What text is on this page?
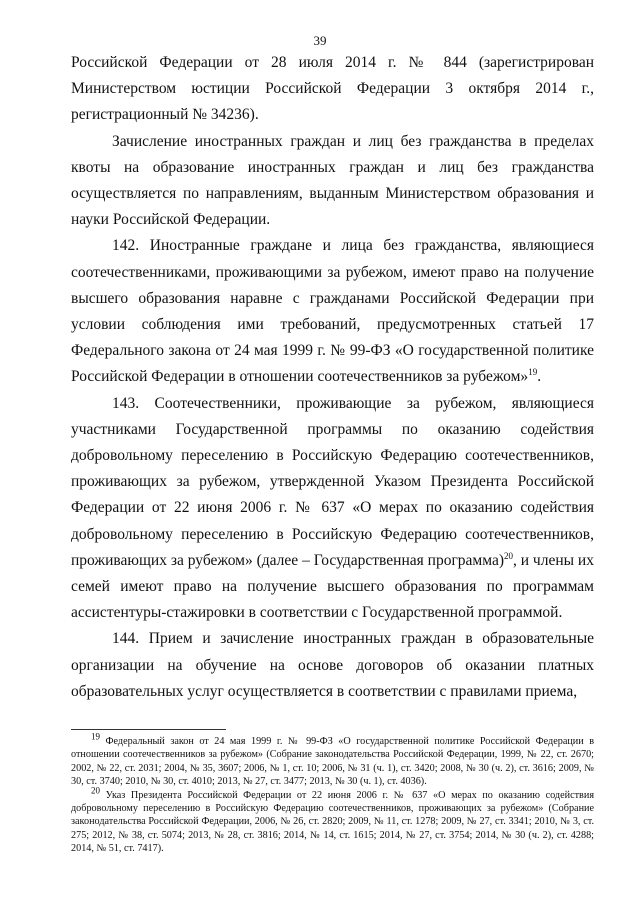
39

Российской Федерации от 28 июля 2014 г. № 844 (зарегистрирован Министерством юстиции Российской Федерации 3 октября 2014 г., регистрационный № 34236).

Зачисление иностранных граждан и лиц без гражданства в пределах квоты на образование иностранных граждан и лиц без гражданства осуществляется по направлениям, выданным Министерством образования и науки Российской Федерации.

142. Иностранные граждане и лица без гражданства, являющиеся соотечественниками, проживающими за рубежом, имеют право на получение высшего образования наравне с гражданами Российской Федерации при условии соблюдения ими требований, предусмотренных статьей 17 Федерального закона от 24 мая 1999 г. № 99-ФЗ «О государственной политике Российской Федерации в отношении соотечественников за рубежом»$^{19}$.

143. Соотечественники, проживающие за рубежом, являющиеся участниками Государственной программы по оказанию содействия добровольному переселению в Российскую Федерацию соотечественников, проживающих за рубежом, утвержденной Указом Президента Российской Федерации от 22 июня 2006 г. № 637 «О мерах по оказанию содействия добровольному переселению в Российскую Федерацию соотечественников, проживающих за рубежом» (далее – Государственная программа)$^{20}$, и члены их семей имеют право на получение высшего образования по программам ассистентуры-стажировки в соответствии с Государственной программой.

144. Прием и зачисление иностранных граждан в образовательные организации на обучение на основе договоров об оказании платных образовательных услуг осуществляется в соответствии с правилами приема,

$^{19}$ Федеральный закон от 24 мая 1999 г. № 99-ФЗ «О государственной политике Российской Федерации в отношении соотечественников за рубежом» (Собрание законодательства Российской Федерации, 1999, № 22, ст. 2670; 2002, № 22, ст. 2031; 2004, № 35, 3607; 2006, № 1, ст. 10; 2006, № 31 (ч. 1), ст. 3420; 2008, № 30 (ч. 2), ст. 3616; 2009, № 30, ст. 3740; 2010, № 30, ст. 4010; 2013, № 27, ст. 3477; 2013, № 30 (ч. 1), ст. 4036).

$^{20}$ Указ Президента Российской Федерации от 22 июня 2006 г. № 637 «О мерах по оказанию содействия добровольному переселению в Российскую Федерацию соотечественников, проживающих за рубежом» (Собрание законодательства Российской Федерации, 2006, № 26, ст. 2820; 2009, № 11, ст. 1278; 2009, № 27, ст. 3341; 2010, № 3, ст. 275; 2012, № 38, ст. 5074; 2013, № 28, ст. 3816; 2014, № 14, ст. 1615; 2014, № 27, ст. 3754; 2014, № 30 (ч. 2), ст. 4288; 2014, № 51, ст. 7417).
